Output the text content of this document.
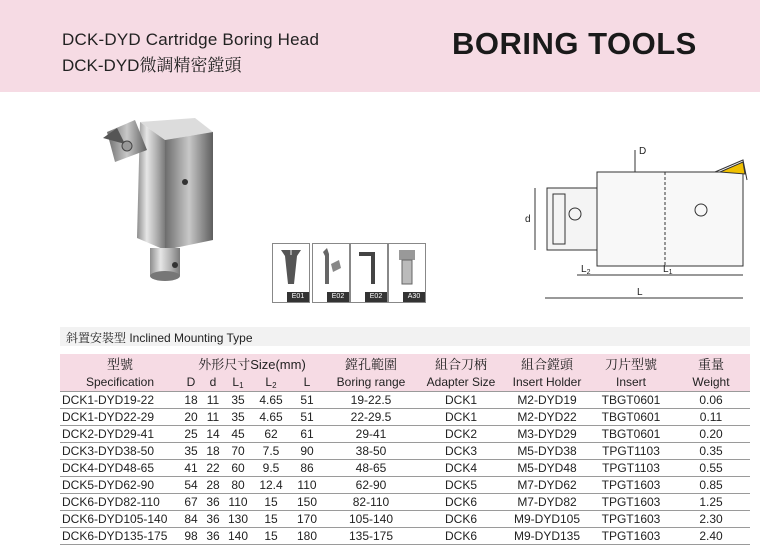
DCK-DYD Cartridge Boring Head
DCK-DYD微調精密鏜頭
BORING TOOLS
E01	E02	E02	A30
d
D
$L_2$	$L_1$
L
斜置安裝型 Inclined Mounting Type
型號	外形尺寸Size(mm)					鏜孔範圍	組合刀柄	組合鏜頭	刀片型號	重量
Specification	D	d	$L_1$	$L_2$	L	Boring range	Adapter Size	Insert Holder	Insert	Weight
DCK1-DYD19-22	18	11	35	4.65	51	19-22.5	DCK1	M2-DYD19	TBGT0601	0.06
DCK1-DYD22-29	20	11	35	4.65	51	22-29.5	DCK1	M2-DYD22	TBGT0601	0.11
DCK2-DYD29-41	25	14	45	62	61	29-41	DCK2	M3-DYD29	TBGT0601	0.20
DCK3-DYD38-50	35	18	70	7.5	90	38-50	DCK3	M5-DYD38	TPGT1103	0.35
DCK4-DYD48-65	41	22	60	9.5	86	48-65	DCK4	M5-DYD48	TPGT1103	0.55
DCK5-DYD62-90	54	28	80	12.4	110	62-90	DCK5	M7-DYD62	TPGT1603	0.85
DCK6-DYD82-110	67	36	110	15	150	82-110	DCK6	M7-DYD82	TPGT1603	1.25
DCK6-DYD105-140	84	36	130	15	170	105-140	DCK6	M9-DYD105	TPGT1603	2.30
DCK6-DYD135-175	98	36	140	15	180	135-175	DCK6	M9-DYD135	TPGT1603	2.40
